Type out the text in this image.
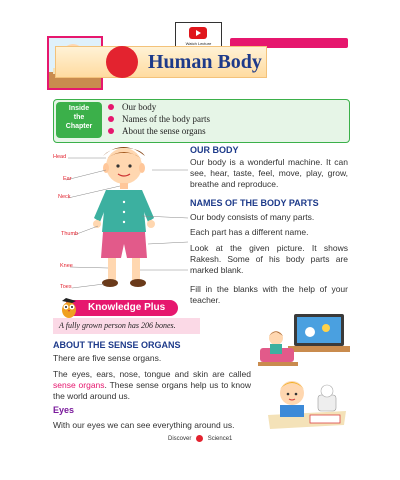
Watch Lecture
Human Body
Inside
the
Chapter
Our body
Names of the body parts
About the sense organs
Head
Ear
Neck
Thumb
Knee
Toes
OUR BODY
Our body is a wonderful machine. It can see, hear, taste, feel, move, play, grow, breathe and reproduce.
NAMES OF THE BODY PARTS
Our body consists of many parts.
Each part has a different name.
Look at the given picture. It shows Rakesh. Some of his body parts are marked blank.
Fill in the blanks with the help of your teacher.
Knowledge Plus
A fully grown person has 206 bones.
ABOUT THE SENSE ORGANS
There are five sense organs.
The eyes, ears, nose, tongue and skin are called sense organs. These sense organs help us to know the world around us.
Eyes
With our eyes we can see everything around us.
Discover	Science1
